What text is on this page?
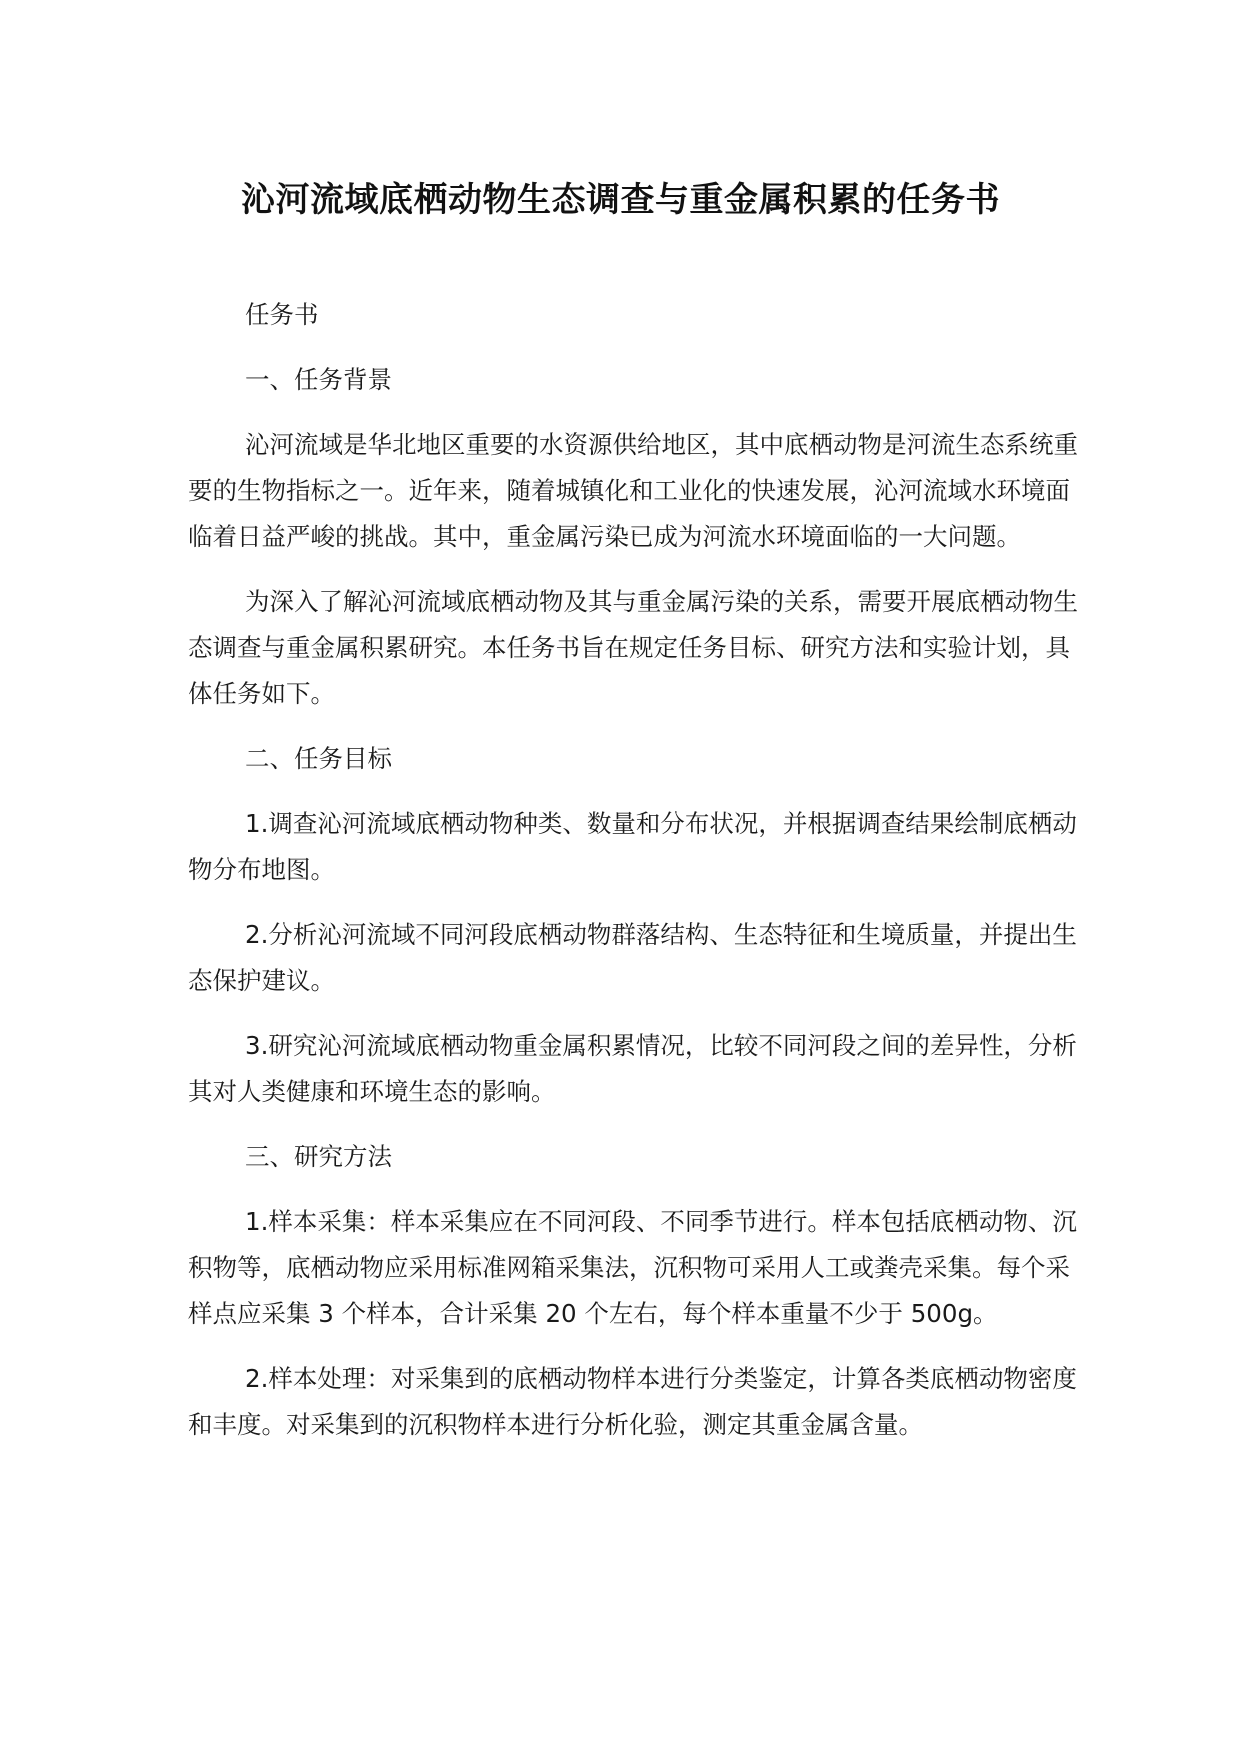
沁河流域底栖动物生态调查与重金属积累的任务书

任务书

一、任务背景

沁河流域是华北地区重要的水资源供给地区，其中底栖动物是河流生态系统重要的生物指标之一。近年来，随着城镇化和工业化的快速发展，沁河流域水环境面临着日益严峻的挑战。其中，重金属污染已成为河流水环境面临的一大问题。

为深入了解沁河流域底栖动物及其与重金属污染的关系，需要开展底栖动物生态调查与重金属积累研究。本任务书旨在规定任务目标、研究方法和实验计划，具体任务如下。

二、任务目标

1.调查沁河流域底栖动物种类、数量和分布状况，并根据调查结果绘制底栖动物分布地图。

2.分析沁河流域不同河段底栖动物群落结构、生态特征和生境质量，并提出生态保护建议。

3.研究沁河流域底栖动物重金属积累情况，比较不同河段之间的差异性，分析其对人类健康和环境生态的影响。

三、研究方法

1.样本采集：样本采集应在不同河段、不同季节进行。样本包括底栖动物、沉积物等，底栖动物应采用标准网箱采集法，沉积物可采用人工或粪壳采集。每个采样点应采集 3 个样本，合计采集 20 个左右，每个样本重量不少于 500g。

2.样本处理：对采集到的底栖动物样本进行分类鉴定，计算各类底栖动物密度和丰度。对采集到的沉积物样本进行分析化验，测定其重金属含量。
